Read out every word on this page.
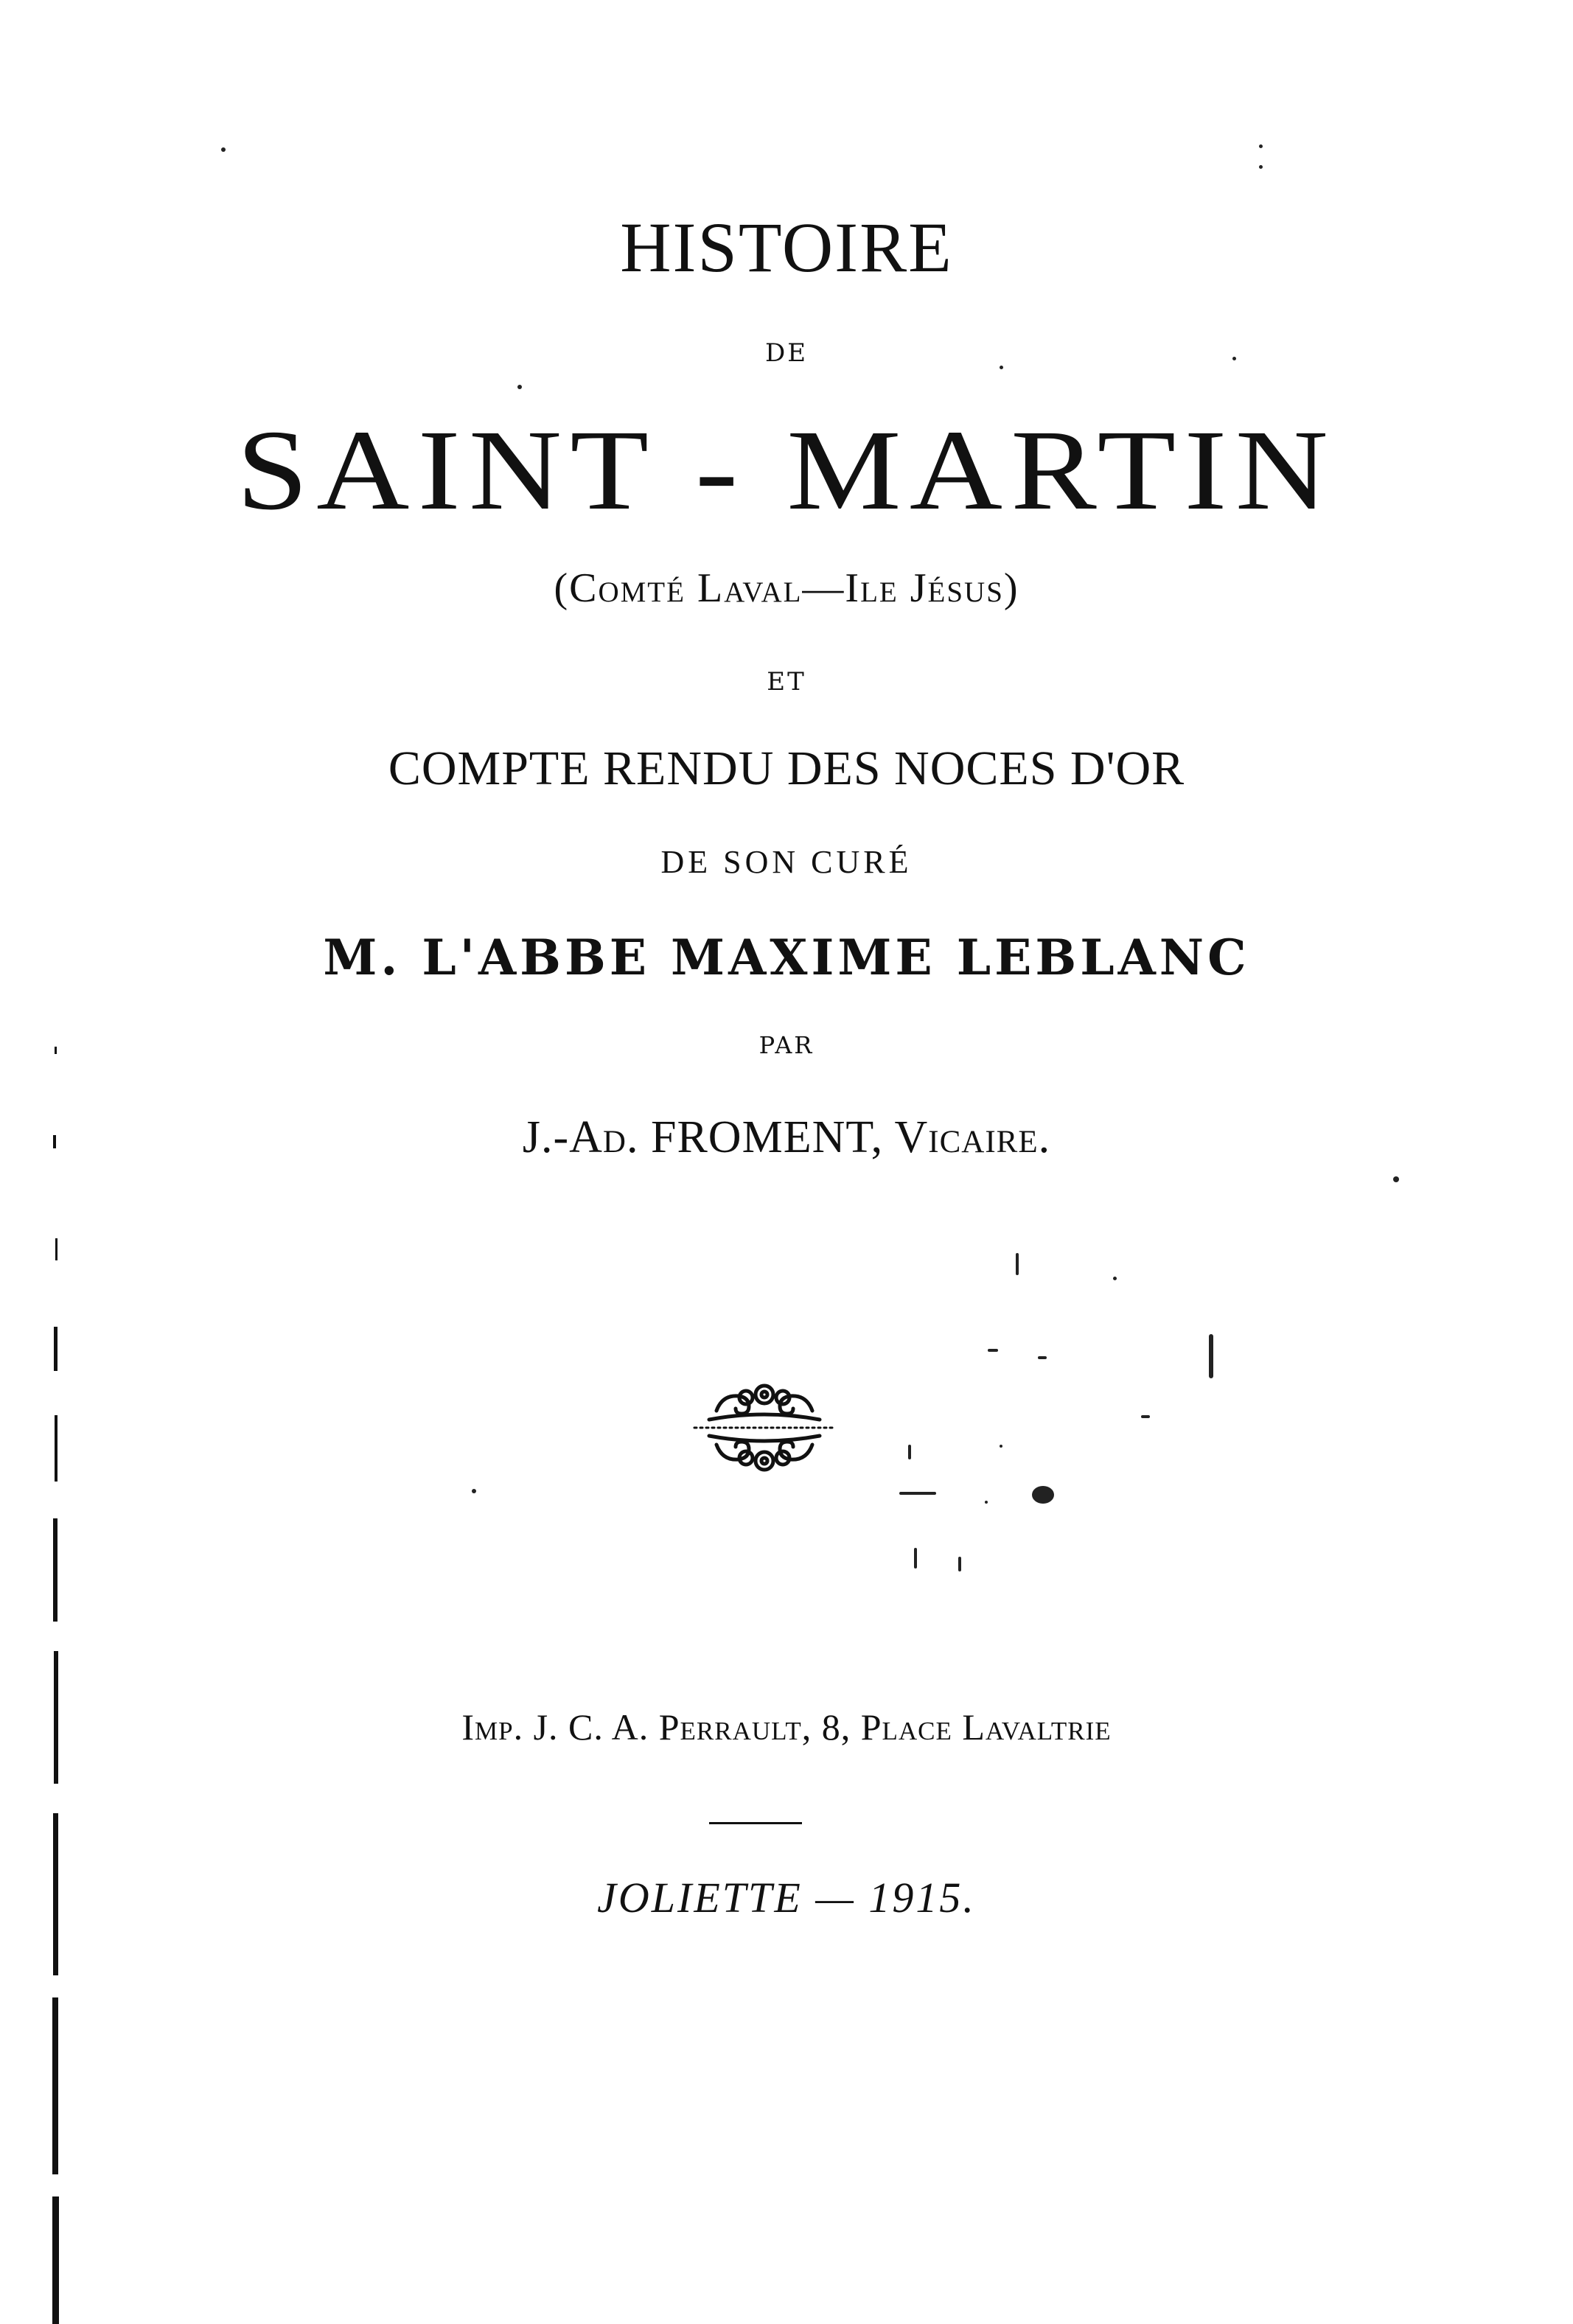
HISTOIRE
DE
SAINT - MARTIN
(Comté Laval—Ile Jésus)
ET
COMPTE RENDU DES NOCES D'OR
DE SON CURÉ
M. L'ABBE MAXIME LEBLANC
PAR
J.-Ad. FROMENT, Vicaire.
Imp. J. C. A. Perrault, 8, Place Lavaltrie
JOLIETTE — 1915.
